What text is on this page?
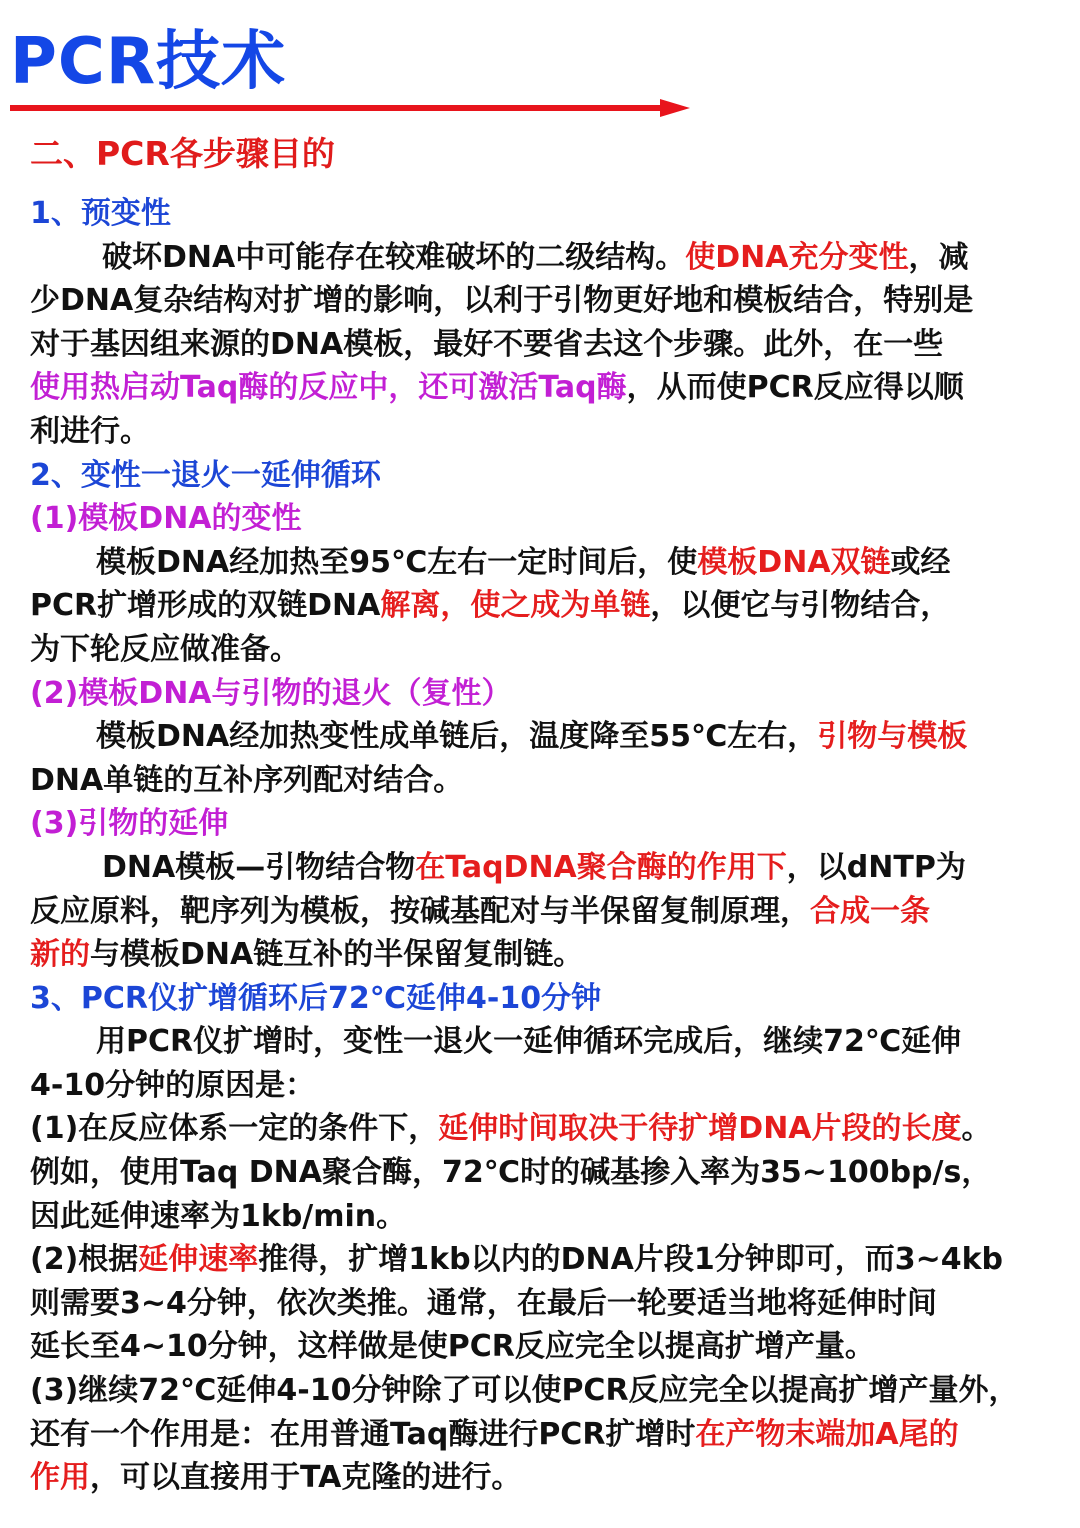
PCR技术
二、PCR各步骤目的
1、预变性
破坏DNA中可能存在较难破坏的二级结构。使DNA充分变性，减
少DNA复杂结构对扩增的影响，以利于引物更好地和模板结合，特别是
对于基因组来源的DNA模板，最好不要省去这个步骤。此外，在一些
使用热启动Taq酶的反应中，还可激活Taq酶，从而使PCR反应得以顺
利进行。
2、变性一退火一延伸循环
(1)模板DNA的变性
模板DNA经加热至95℃左右一定时间后，使模板DNA双链或经
PCR扩增形成的双链DNA解离，使之成为单链，以便它与引物结合，
为下轮反应做准备。
(2)模板DNA与引物的退火（复性）
模板DNA经加热变性成单链后，温度降至55℃左右，引物与模板
DNA单链的互补序列配对结合。
(3)引物的延伸
DNA模板—引物结合物在TaqDNA聚合酶的作用下，以dNTP为
反应原料，靶序列为模板，按碱基配对与半保留复制原理，合成一条
新的与模板DNA链互补的半保留复制链。
3、PCR仪扩增循环后72℃延伸4-10分钟
用PCR仪扩增时，变性一退火一延伸循环完成后，继续72℃延伸
4-10分钟的原因是：
(1)在反应体系一定的条件下，延伸时间取决于待扩增DNA片段的长度。
例如，使用Taq DNA聚合酶，72℃时的碱基掺入率为35~100bp/s，
因此延伸速率为1kb/min。
(2)根据延伸速率推得，扩增1kb以内的DNA片段1分钟即可，而3~4kb
则需要3~4分钟，依次类推。通常，在最后一轮要适当地将延伸时间
延长至4~10分钟，这样做是使PCR反应完全以提高扩增产量。
(3)继续72℃延伸4-10分钟除了可以使PCR反应完全以提高扩增产量外，
还有一个作用是：在用普通Taq酶进行PCR扩增时在产物末端加A尾的
作用，可以直接用于TA克隆的进行。
